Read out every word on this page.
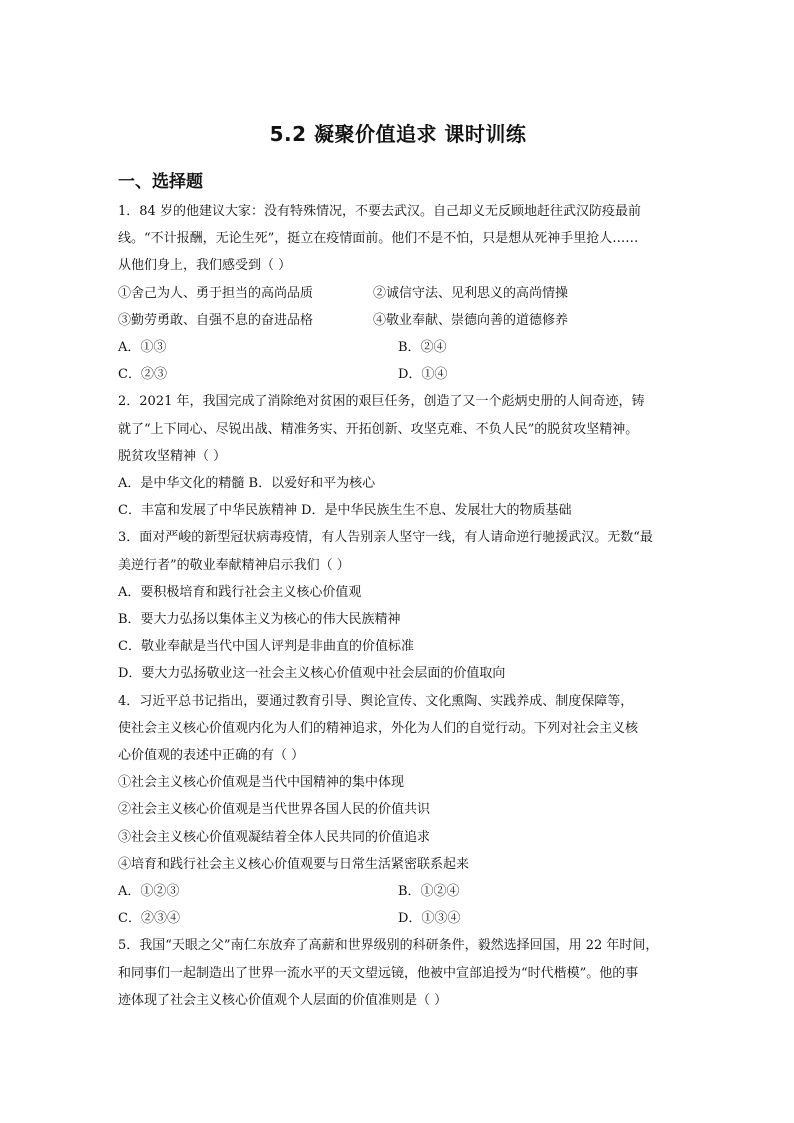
5.2 凝聚价值追求 课时训练
一、选择题
1．84 岁的他建议大家：没有特殊情况，不要去武汉。自己却义无反顾地赶往武汉防疫最前
线。“不计报酬，无论生死”，挺立在疫情面前。他们不是不怕，只是想从死神手里抢人……
从他们身上，我们感受到（ ）
①舍己为人、勇于担当的高尚品质	②诚信守法、见利思义的高尚情操
③勤劳勇敢、自强不息的奋进品格	④敬业奉献、崇德向善的道德修养
A．①③	B．②④
C．②③	D．①④
2．2021 年，我国完成了消除绝对贫困的艰巨任务，创造了又一个彪炳史册的人间奇迹，铸
就了“上下同心、尽锐出战、精准务实、开拓创新、攻坚克难、不负人民”的脱贫攻坚精神。
脱贫攻坚精神（ ）
A．是中华文化的精髓 B．以爱好和平为核心
C．丰富和发展了中华民族精神 D．是中华民族生生不息、发展壮大的物质基础
3．面对严峻的新型冠状病毒疫情，有人告别亲人坚守一线，有人请命逆行驰援武汉。无数“最
美逆行者”的敬业奉献精神启示我们（ ）
A．要积极培育和践行社会主义核心价值观
B．要大力弘扬以集体主义为核心的伟大民族精神
C．敬业奉献是当代中国人评判是非曲直的价值标准
D．要大力弘扬敬业这一社会主义核心价值观中社会层面的价值取向
4．习近平总书记指出，要通过教育引导、舆论宣传、文化熏陶、实践养成、制度保障等，
使社会主义核心价值观内化为人们的精神追求，外化为人们的自觉行动。下列对社会主义核
心价值观的表述中正确的有（ ）
①社会主义核心价值观是当代中国精神的集中体现
②社会主义核心价值观是当代世界各国人民的价值共识
③社会主义核心价值观凝结着全体人民共同的价值追求
④培育和践行社会主义核心价值观要与日常生活紧密联系起来
A．①②③	B．①②④
C．②③④	D．①③④
5．我国“天眼之父”南仁东放弃了高薪和世界级别的科研条件，毅然选择回国，用 22 年时间，
和同事们一起制造出了世界一流水平的天文望远镜，他被中宣部追授为“时代楷模”。他的事
迹体现了社会主义核心价值观个人层面的价值准则是（ ）
